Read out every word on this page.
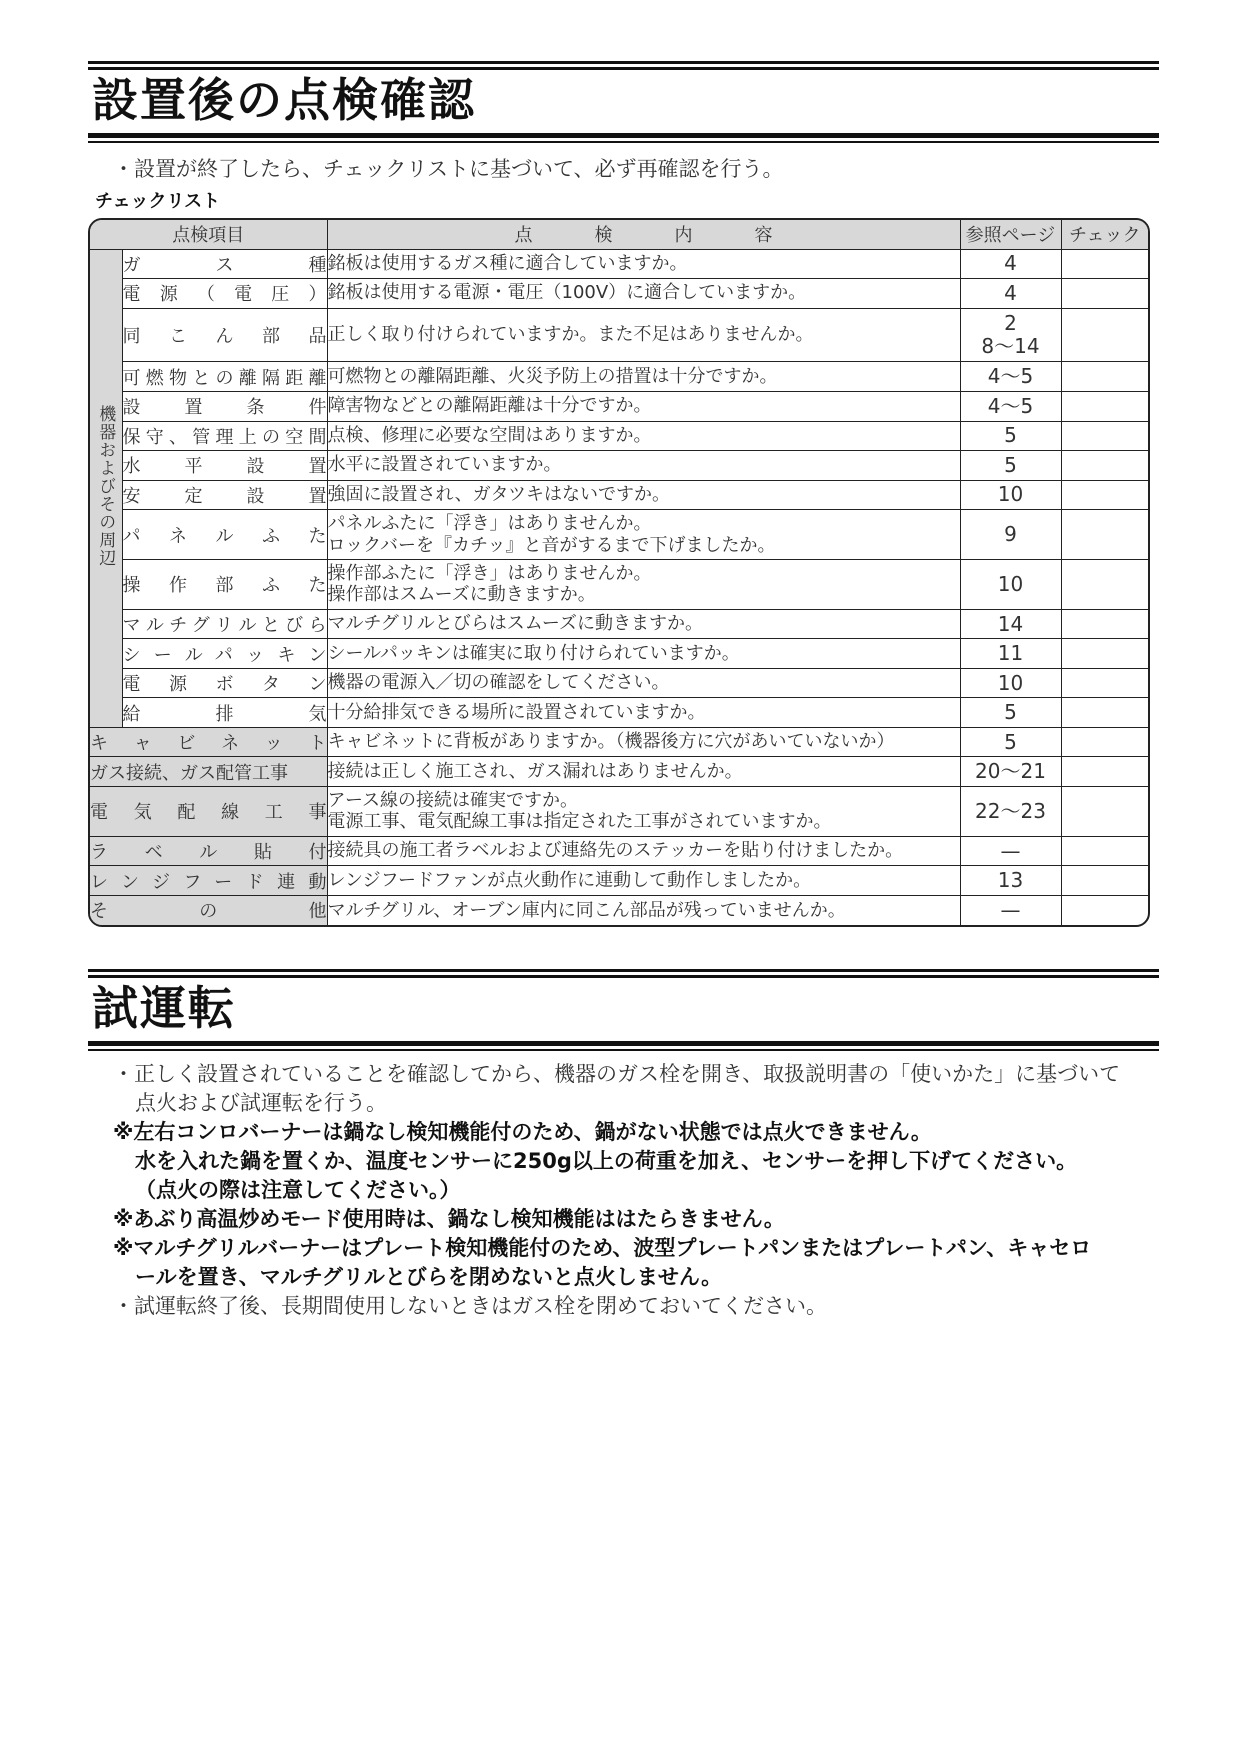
設置後の点検確認
・設置が終了したら、チェックリストに基づいて、必ず再確認を行う。
チェックリスト
点検項目		点検内容	参照ページ	チェック
機器およびその周辺	ガス種	銘板は使用するガス種に適合していますか。	4	
	電源（電圧）	銘板は使用する電源・電圧（100V）に適合していますか。	4	
	同こん部品	正しく取り付けられていますか。また不足はありませんか。	2
8～14	

	可燃物との離隔距離	可燃物との離隔距離、火災予防上の措置は十分ですか。	4～5	
	設置条件	障害物などとの離隔距離は十分ですか。	4～5	
	保守、管理上の空間	点検、修理に必要な空間はありますか。	5	
	水平設置	水平に設置されていますか。	5	
	安定設置	強固に設置され、ガタツキはないですか。	10	
	パネルふた	パネルふたに「浮き」はありませんか。
ロックバーを『カチッ』と音がするまで下げましたか。	9	
	操作部ふた	操作部ふたに「浮き」はありませんか。
操作部はスムーズに動きますか。	10	
	マルチグリルとびら	マルチグリルとびらはスムーズに動きますか。	14	
	シールパッキン	シールパッキンは確実に取り付けられていますか。	11	
	電源ボタン	機器の電源入／切の確認をしてください。	10	
	給排気	十分給排気できる場所に設置されていますか。	5	
キャビネット		キャビネットに背板がありますか。（機器後方に穴があいていないか）	5	
ガス接続、ガス配管工事		接続は正しく施工され、ガス漏れはありませんか。	20～21	
電気配線工事		アース線の接続は確実ですか。
電源工事、電気配線工事は指定された工事がされていますか。	22～23	
ラベル貼付		接続具の施工者ラベルおよび連絡先のステッカーを貼り付けましたか。	—	
レンジフード連動		レンジフードファンが点火動作に連動して動作しましたか。	13	
その他		マルチグリル、オーブン庫内に同こん部品が残っていませんか。	—	
試運転

・正しく設置されていることを確認してから、機器のガス栓を開き、取扱説明書の「使いかた」に基づいて

点火および試運転を行う。

※左右コンロバーナーは鍋なし検知機能付のため、鍋がない状態では点火できません。

水を入れた鍋を置くか、温度センサーに250g以上の荷重を加え、センサーを押し下げてください。

（点火の際は注意してください。）

※あぶり高温炒めモード使用時は、鍋なし検知機能ははたらきません。

※マルチグリルバーナーはプレート検知機能付のため、波型プレートパンまたはプレートパン、キャセロ

ールを置き、マルチグリルとびらを閉めないと点火しません。

・試運転終了後、長期間使用しないときはガス栓を閉めておいてください。
